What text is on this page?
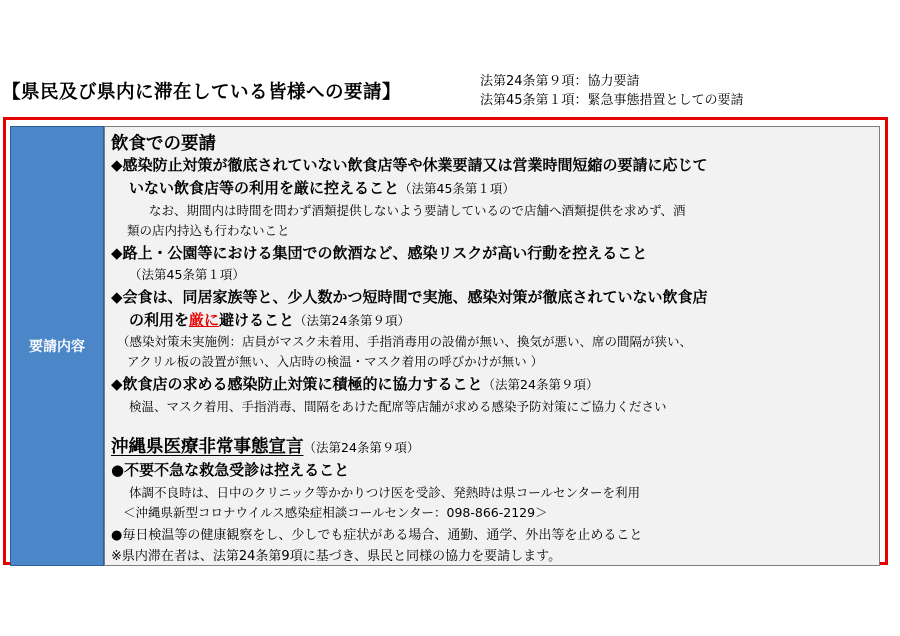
【県民及び県内に滞在している皆様への要請】
法第24条第９項：協力要請
法第45条第１項：緊急事態措置としての要請
要請内容
飲食での要請
◆感染防止対策が徹底されていない飲食店等や休業要請又は営業時間短縮の要請に応じて
いない飲食店等の利用を厳に控えること（法第45条第１項）
なお、期間内は時間を問わず酒類提供しないよう要請しているので店舗へ酒類提供を求めず、酒
類の店内持込も行わないこと
◆路上・公園等における集団での飲酒など、感染リスクが高い行動を控えること
（法第45条第１項）
◆会食は、同居家族等と、少人数かつ短時間で実施、感染対策が徹底されていない飲食店
の利用を厳に避けること（法第24条第９項）
（感染対策未実施例：店員がマスク未着用、手指消毒用の設備が無い、換気が悪い、席の間隔が狭い、
アクリル板の設置が無い、入店時の検温・マスク着用の呼びかけが無い ）
◆飲食店の求める感染防止対策に積極的に協力すること（法第24条第９項）
検温、マスク着用、手指消毒、間隔をあけた配席等店舗が求める感染予防対策にご協力ください
沖縄県医療非常事態宣言（法第24条第９項）
●不要不急な救急受診は控えること
体調不良時は、日中のクリニック等かかりつけ医を受診、発熱時は県コールセンターを利用
＜沖縄県新型コロナウイルス感染症相談コールセンター：098-866-2129＞
●毎日検温等の健康観察をし、少しでも症状がある場合、通勤、通学、外出等を止めること
※県内滞在者は、法第24条第9項に基づき、県民と同様の協力を要請します。
